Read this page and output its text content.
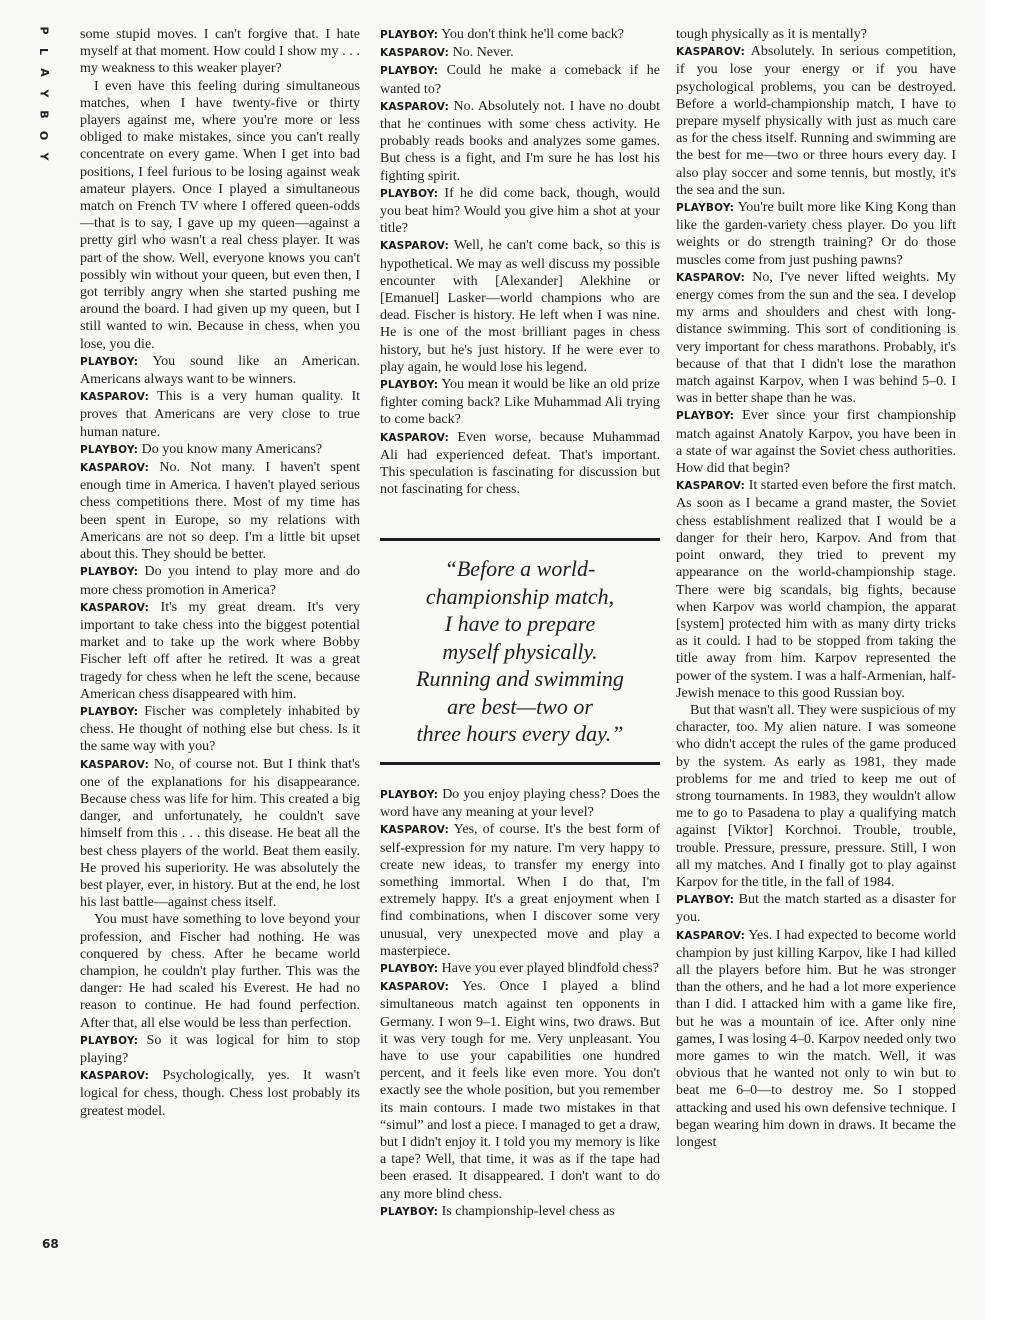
P
L
A
Y
B
O
Y

some stupid moves. I can't forgive that. I hate myself at that moment. How could I show my . . . my weakness to this weaker player?

I even have this feeling during simultaneous matches, when I have twenty-five or thirty players against me, where you're more or less obliged to make mistakes, since you can't really concentrate on every game. When I get into bad positions, I feel furious to be losing against weak amateur players. Once I played a simultaneous match on French TV where I offered queen-odds—that is to say, I gave up my queen—against a pretty girl who wasn't a real chess player. It was part of the show. Well, everyone knows you can't possibly win without your queen, but even then, I got terribly angry when she started pushing me around the board. I had given up my queen, but I still wanted to win. Because in chess, when you lose, you die.

PLAYBOY: You sound like an American. Americans always want to be winners.

KASPAROV: This is a very human quality. It proves that Americans are very close to true human nature.

PLAYBOY: Do you know many Americans?

KASPAROV: No. Not many. I haven't spent enough time in America. I haven't played serious chess competitions there. Most of my time has been spent in Europe, so my relations with Americans are not so deep. I'm a little bit upset about this. They should be better.

PLAYBOY: Do you intend to play more and do more chess promotion in America?

KASPAROV: It's my great dream. It's very important to take chess into the biggest potential market and to take up the work where Bobby Fischer left off after he retired. It was a great tragedy for chess when he left the scene, because American chess disappeared with him.

PLAYBOY: Fischer was completely inhabited by chess. He thought of nothing else but chess. Is it the same way with you?

KASPAROV: No, of course not. But I think that's one of the explanations for his disappearance. Because chess was life for him. This created a big danger, and unfortunately, he couldn't save himself from this . . . this disease. He beat all the best chess players of the world. Beat them easily. He proved his superiority. He was absolutely the best player, ever, in history. But at the end, he lost his last battle—against chess itself.

You must have something to love beyond your profession, and Fischer had nothing. He was conquered by chess. After he became world champion, he couldn't play further. This was the danger: He had scaled his Everest. He had no reason to continue. He had found perfection. After that, all else would be less than perfection.

PLAYBOY: So it was logical for him to stop playing?

KASPAROV: Psychologically, yes. It wasn't logical for chess, though. Chess lost probably its greatest model.

PLAYBOY: You don't think he'll come back?

KASPAROV: No. Never.

PLAYBOY: Could he make a comeback if he wanted to?

KASPAROV: No. Absolutely not. I have no doubt that he continues with some chess activity. He probably reads books and analyzes some games. But chess is a fight, and I'm sure he has lost his fighting spirit.

PLAYBOY: If he did come back, though, would you beat him? Would you give him a shot at your title?

KASPAROV: Well, he can't come back, so this is hypothetical. We may as well discuss my possible encounter with [Alexander] Alekhine or [Emanuel] Lasker—world champions who are dead. Fischer is history. He left when I was nine. He is one of the most brilliant pages in chess history, but he's just history. If he were ever to play again, he would lose his legend.

PLAYBOY: You mean it would be like an old prize fighter coming back? Like Muhammad Ali trying to come back?

KASPAROV: Even worse, because Muhammad Ali had experienced defeat. That's important. This speculation is fascinating for discussion but not fascinating for chess.

“Before a world-
championship match,
I have to prepare
myself physically.
Running and swimming
are best—two or
three hours every day.”

PLAYBOY: Do you enjoy playing chess? Does the word have any meaning at your level?

KASPAROV: Yes, of course. It's the best form of self-expression for my nature. I'm very happy to create new ideas, to transfer my energy into something immortal. When I do that, I'm extremely happy. It's a great enjoyment when I find combinations, when I discover some very unusual, very unexpected move and play a masterpiece.

PLAYBOY: Have you ever played blindfold chess?

KASPAROV: Yes. Once I played a blind simultaneous match against ten opponents in Germany. I won 9–1. Eight wins, two draws. But it was very tough for me. Very unpleasant. You have to use your capabilities one hundred percent, and it feels like even more. You don't exactly see the whole position, but you remember its main contours. I made two mistakes in that “simul” and lost a piece. I managed to get a draw, but I didn't enjoy it. I told you my memory is like a tape? Well, that time, it was as if the tape had been erased. It disappeared. I don't want to do any more blind chess.

PLAYBOY: Is championship-level chess as

tough physically as it is mentally?

KASPAROV: Absolutely. In serious competition, if you lose your energy or if you have psychological problems, you can be destroyed. Before a world-championship match, I have to prepare myself physically with just as much care as for the chess itself. Running and swimming are the best for me—two or three hours every day. I also play soccer and some tennis, but mostly, it's the sea and the sun.

PLAYBOY: You're built more like King Kong than like the garden-variety chess player. Do you lift weights or do strength training? Or do those muscles come from just pushing pawns?

KASPAROV: No, I've never lifted weights. My energy comes from the sun and the sea. I develop my arms and shoulders and chest with long-distance swimming. This sort of conditioning is very important for chess marathons. Probably, it's because of that that I didn't lose the marathon match against Karpov, when I was behind 5–0. I was in better shape than he was.

PLAYBOY: Ever since your first championship match against Anatoly Karpov, you have been in a state of war against the Soviet chess authorities. How did that begin?

KASPAROV: It started even before the first match. As soon as I became a grand master, the Soviet chess establishment realized that I would be a danger for their hero, Karpov. And from that point onward, they tried to prevent my appearance on the world-championship stage. There were big scandals, big fights, because when Karpov was world champion, the apparat [system] protected him with as many dirty tricks as it could. I had to be stopped from taking the title away from him. Karpov represented the power of the system. I was a half-Armenian, half-Jewish menace to this good Russian boy.

But that wasn't all. They were suspicious of my character, too. My alien nature. I was someone who didn't accept the rules of the game produced by the system. As early as 1981, they made problems for me and tried to keep me out of strong tournaments. In 1983, they wouldn't allow me to go to Pasadena to play a qualifying match against [Viktor] Korchnoi. Trouble, trouble, trouble. Pressure, pressure, pressure. Still, I won all my matches. And I finally got to play against Karpov for the title, in the fall of 1984.

PLAYBOY: But the match started as a disaster for you.

KASPAROV: Yes. I had expected to become world champion by just killing Karpov, like I had killed all the players before him. But he was stronger than the others, and he had a lot more experience than I did. I attacked him with a game like fire, but he was a mountain of ice. After only nine games, I was losing 4–0. Karpov needed only two more games to win the match. Well, it was obvious that he wanted not only to win but to beat me 6–0—to destroy me. So I stopped attacking and used his own defensive technique. I began wearing him down in draws. It became the longest

68
